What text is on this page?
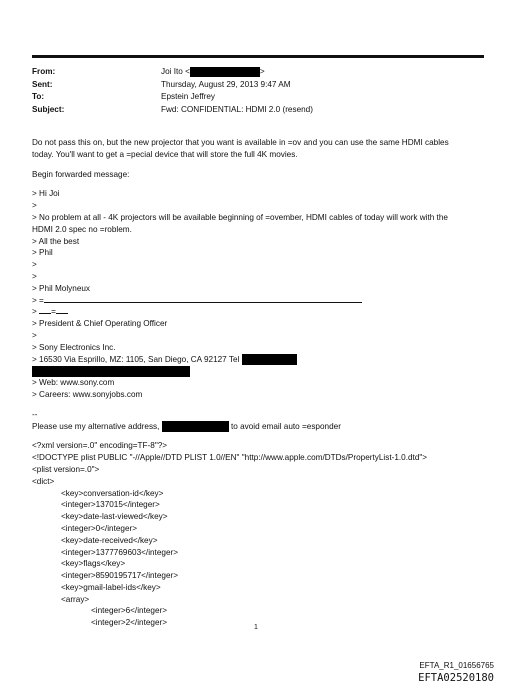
From:	Joi Ito <	>
Sent:	Thursday, August 29, 2013 9:47 AM
To:	Epstein Jeffrey
Subject:	Fwd: CONFIDENTIAL: HDMI 2.0 (resend)
Do not pass this on, but the new projector that you want is available in =ov and you can use the same HDMI cables
today. You'll want to get a =pecial device that will store the full 4K movies.
Begin forwarded message:
> Hi Joi
>
> No problem at all - 4K projectors will be available beginning of =ovember, HDMI cables of today will work with the
HDMI 2.0 spec no =roblem.
> All the best
> Phil
>
>
> Phil Molyneux
> =
> =
> President & Chief Operating Officer
>
> Sony Electronics Inc.
> 16530 Via Esprillo, MZ: 1105, San Diego, CA 92127 Tel
> Web: www.sony.com
> Careers: www.sonyjobs.com
--
Please use my alternative address,	to avoid email auto =esponder
<?xml version=.0" encoding=TF-8"?>
<!DOCTYPE plist PUBLIC "-//Apple//DTD PLIST 1.0//EN" "http://www.apple.com/DTDs/PropertyList-1.0.dtd">
<plist version=.0">
<dict>
<key>conversation-id</key>
<integer>137015</integer>
<key>date-last-viewed</key>
<integer>0</integer>
<key>date-received</key>
<integer>1377769603</integer>
<key>flags</key>
<integer>8590195717</integer>
<key>gmail-label-ids</key>
<array>
<integer>6</integer>
<integer>2</integer>
1
EFTA_R1_01656765
EFTA02520180
